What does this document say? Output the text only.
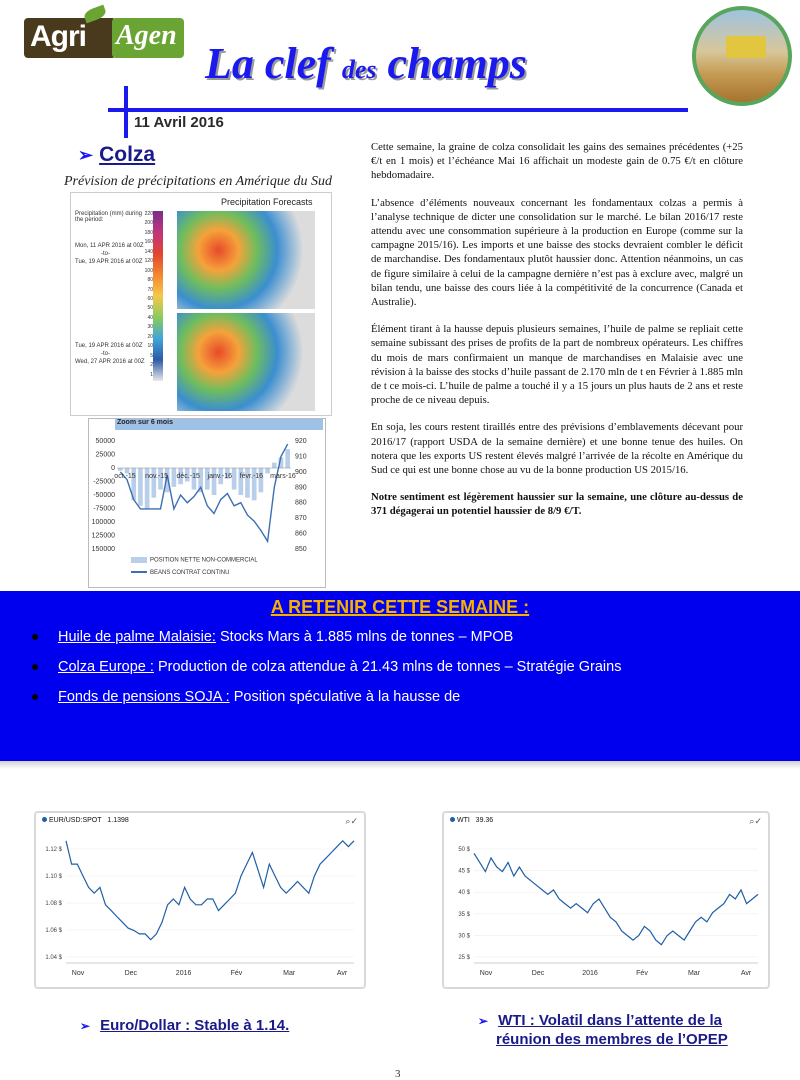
Agri Agen
La clef des champs
11 Avril 2016
➢ Colza
Prévision de précipitations en Amérique du Sud
Precipitation Forecasts
Precipitation (mm) during the period:
Mon, 11 APR 2016 at 00Z
-to-
Tue, 19 APR 2016 at 00Z
Tue, 19 APR 2016 at 00Z
-to-
Wed, 27 APR 2016 at 00Z
220
200
180
160
140
120
100
80
70
60
50
40
30
20
10
5
2
1
Zoom sur 6 mois
50000
25000
0
-25000
-50000
-75000
100000
125000
150000
920
910
900
890
880
870
860
850
oct.-15 nov.-15 déc.-15 janv.-16 févr.-16 mars-16
POSITION NETTE NON-COMMERCIAL
BEANS CONTRAT CONTINU

Cette semaine, la graine de colza consolidait les gains des semaines précédentes (+25 €/t en 1 mois) et l’échéance Mai 16 affichait un modeste gain de 0.75 €/t en clôture hebdomadaire.

L’absence d’éléments nouveaux concernant les fondamentaux colzas a permis à l’analyse technique de dicter une consolidation sur le marché. Le bilan 2016/17 reste attendu avec une consommation supérieure à la production en Europe (comme sur la campagne 2015/16). Les imports et une baisse des stocks devraient combler le déficit de marchandise. Des fondamentaux plutôt haussier donc. Attention néanmoins, un cas de figure similaire à celui de la campagne dernière n’est pas à exclure avec, malgré un bilan tendu, une baisse des cours liée à la compétitivité de la concurrence (Canada et Australie).

Élément tirant à la hausse depuis plusieurs semaines, l’huile de palme se repliait cette semaine subissant des prises de profits de la part de nombreux opérateurs. Les chiffres du mois de mars confirmaient un manque de marchandises en Malaisie avec une révision à la baisse des stocks d’huile passant de 2.170 mln de t en Février à 1.885 mln de t ce mois-ci. L’huile de palme a touché il y a 15 jours un plus hauts de 2 ans et reste proche de ce niveau depuis.

En soja, les cours restent tiraillés entre des prévisions d’emblavements décevant pour 2016/17 (rapport USDA de la semaine dernière) et une bonne tenue des huiles. On notera que les exports US restent élevés malgré l’arrivée de la récolte en Amérique du Sud ce qui est une bonne chose au vu de la bonne production US 2015/16.

Notre sentiment est légèrement haussier sur la semaine, une clôture au-dessus de 371 dégagerai un potentiel haussier de 8/9 €/T.

A RETENIR CETTE SEMAINE :
Huile de palme Malaisie: Stocks Mars à 1.885 mlns de tonnes – MPOB
Colza Europe : Production de colza attendue à 21.43 mlns de tonnes – Stratégie Grains
Fonds de pensions SOJA : Position spéculative à la hausse de
EUR/USD:SPOT 1.1398	⌕✓
1.12 $
1.10 $
1.08 $
1.06 $
1.04 $
Nov	Dec	2016	Fév	Mar	Avr
WTI 39.36	⌕✓
50 $
45 $
40 $
35 $
30 $
25 $
Nov	Dec	2016	Fév	Mar	Avr
➢ Euro/Dollar : Stable à 1.14.	➢ WTI : Volatil dans l’attente de la
réunion des membres de l’OPEP
3
